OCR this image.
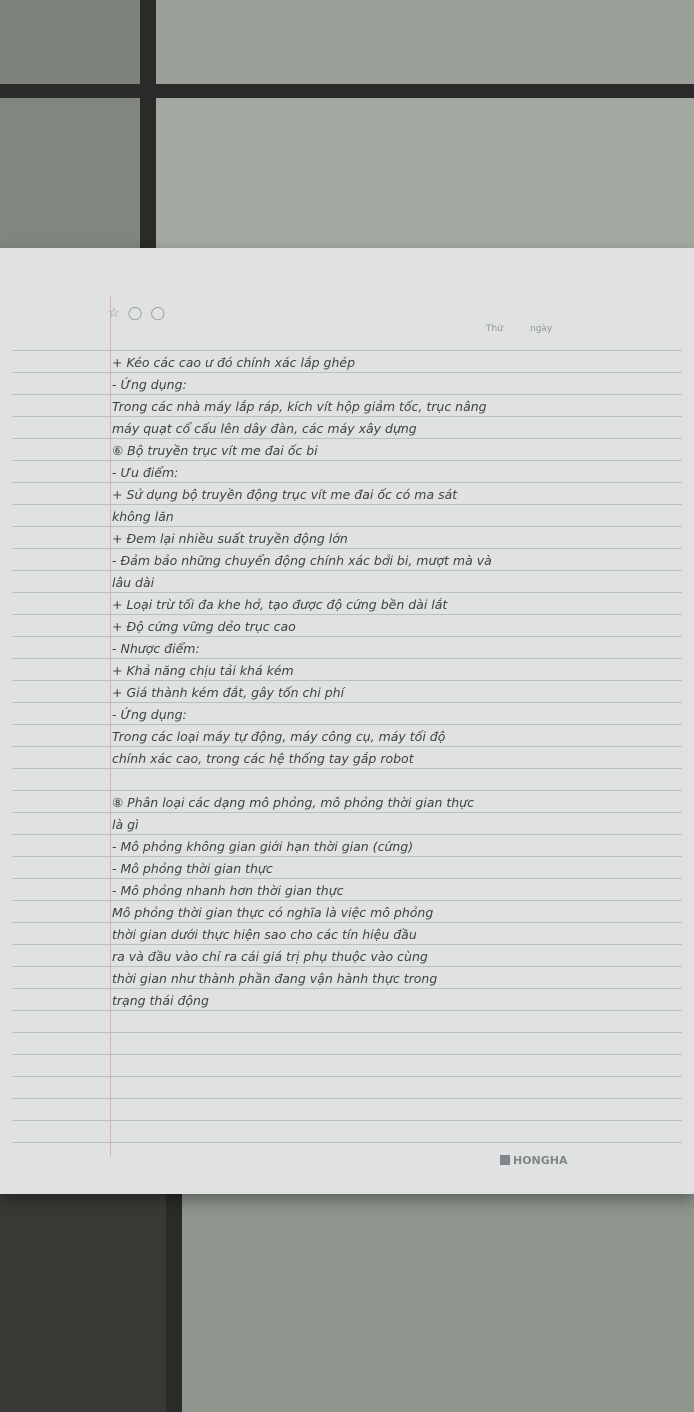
☆ ◯ ◯
Thứ	ngày
+ Kéo các cao ư đó chính xác lắp ghép
- Ứng dụng:
Trong các nhà máy lắp ráp, kích vít hộp giảm tốc, trục nâng
máy quạt cổ cấu lên dây đàn, các máy xây dựng
⑥ Bộ truyền trục vít me đai ốc bi
- Ưu điểm:
+ Sử dụng bộ truyền động trục vít me đai ốc có ma sát
không lăn
+ Đem lại nhiều suất truyền động lớn
- Đảm bảo những chuyển động chính xác bởi bi, mượt mà và
lâu dài
+ Loại trừ tối đa khe hở, tạo được độ cứng bền dài lắt
+ Độ cứng vững dẻo trục cao
- Nhược điểm:
+ Khả năng chịu tải khá kém
+ Giá thành kém đắt, gây tốn chi phí
- Ứng dụng:
Trong các loại máy tự động, máy công cụ, máy tối độ
chính xác cao, trong các hệ thống tay gắp robot
⑧ Phân loại các dạng mô phỏng, mô phỏng thời gian thực
là gì
- Mô phỏng không gian giới hạn thời gian (cứng)
- Mô phỏng thời gian thực
- Mô phỏng nhanh hơn thời gian thực
Mô phỏng thời gian thực có nghĩa là việc mô phỏng
thời gian dưới thực hiện sao cho các tín hiệu đầu
ra và đầu vào chỉ ra cái giá trị phụ thuộc vào cùng
thời gian như thành phần đang vận hành thực trong
trạng thái động
HONGHA
